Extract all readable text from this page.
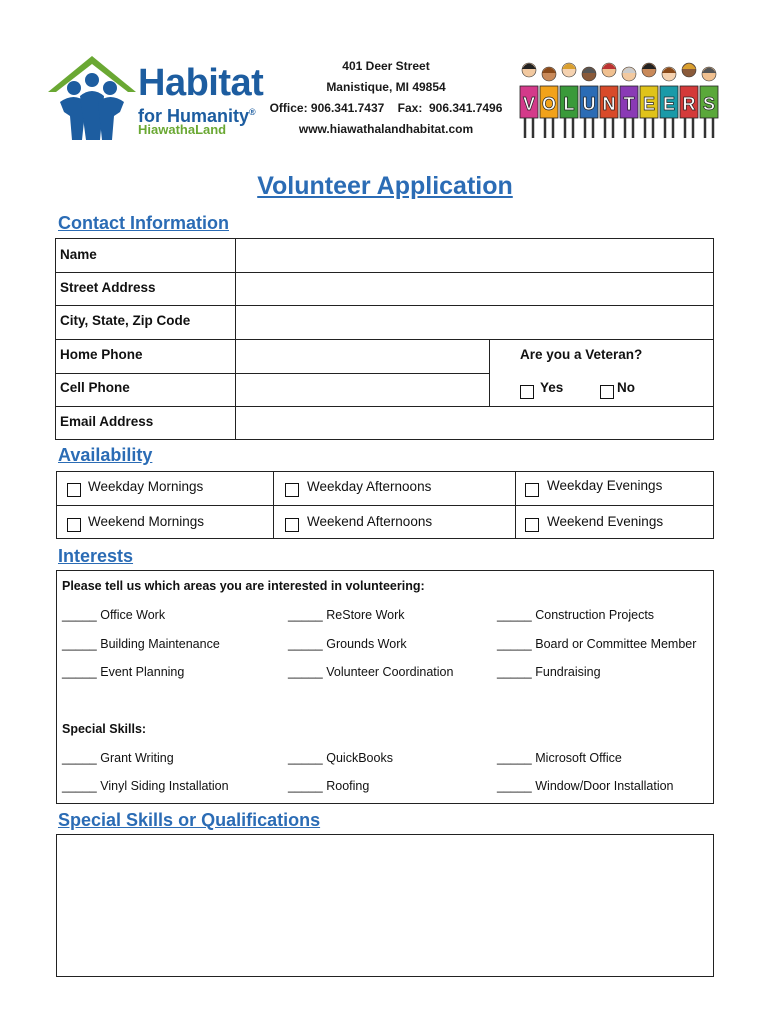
Habitat
for Humanity®
HiawathaLand
401 Deer Street
Manistique, MI 49854
Office: 906.341.7437    Fax:  906.341.7496
www.hiawathalandhabitat.com
V O L U N T E E R S
Volunteer Application
Contact Information
Name
Street Address
City, State, Zip Code
Home Phone
Cell Phone
Are you a Veteran?
Yes	No
Email Address
Availability
Weekday Mornings	Weekday Afternoons	Weekday Evenings
Weekend Mornings	Weekend Afternoons	Weekend Evenings
Interests
Please tell us which areas you are interested in volunteering:
_____ Office Work	_____ ReStore Work	_____ Construction Projects
_____ Building Maintenance	_____ Grounds Work	_____ Board or Committee Member
_____ Event Planning	_____ Volunteer Coordination	_____ Fundraising
Special Skills:
_____ Grant Writing	_____ QuickBooks	_____ Microsoft Office
_____ Vinyl Siding Installation	_____ Roofing	_____ Window/Door Installation
Special Skills or Qualifications
